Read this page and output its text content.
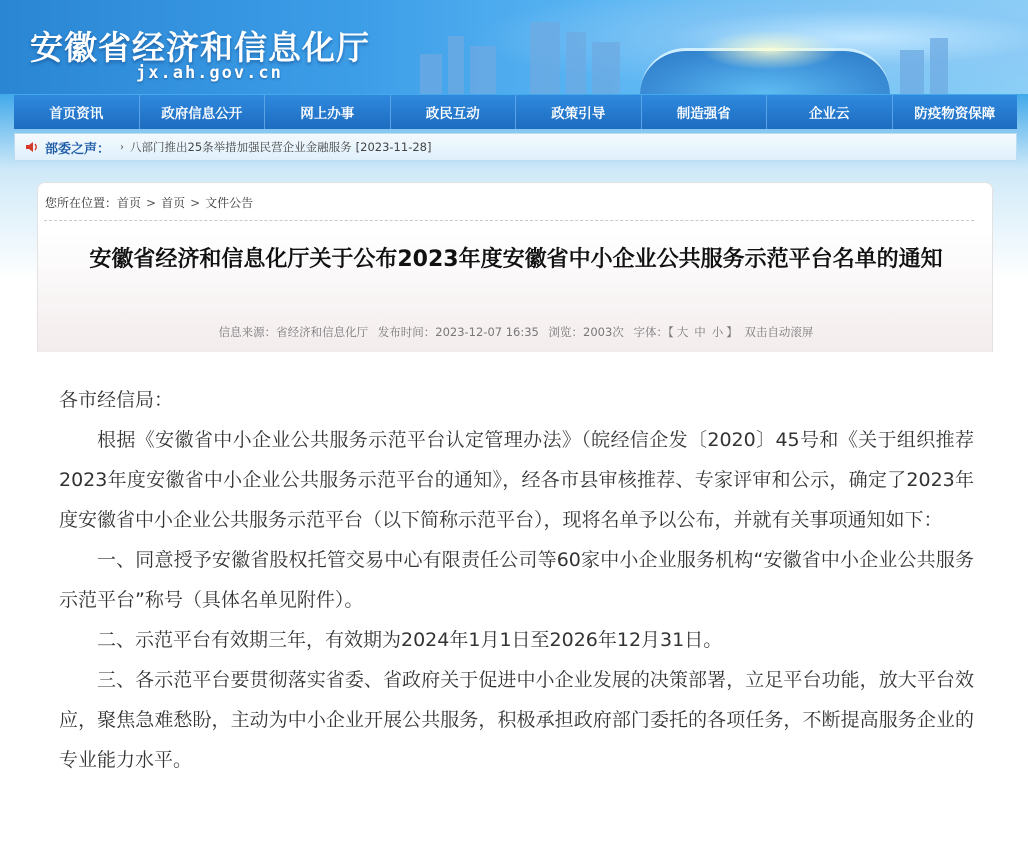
安徽省经济和信息化厅
jx.ah.gov.cn
首页资讯	政府信息公开	网上办事	政民互动	政策引导	制造强省	企业云	防疫物资保障
部委之声： › 八部门推出25条举措加强民营企业金融服务 [2023-11-28]
您所在位置：首页 > 首页 > 文件公告
安徽省经济和信息化厅关于公布2023年度安徽省中小企业公共服务示范平台名单的通知
信息来源：省经济和信息化厅 发布时间：2023-12-07 16:35 浏览：2003次 字体：【 大 中 小 】 双击自动滚屏

各市经信局：

根据《安徽省中小企业公共服务示范平台认定管理办法》（皖经信企发〔2020〕45号和《关于组织推荐2023年度安徽省中小企业公共服务示范平台的通知》，经各市县审核推荐、专家评审和公示，确定了2023年度安徽省中小企业公共服务示范平台（以下简称示范平台），现将名单予以公布，并就有关事项通知如下：

一、同意授予安徽省股权托管交易中心有限责任公司等60家中小企业服务机构“安徽省中小企业公共服务示范平台”称号（具体名单见附件）。

二、示范平台有效期三年，有效期为2024年1月1日至2026年12月31日。

三、各示范平台要贯彻落实省委、省政府关于促进中小企业发展的决策部署，立足平台功能，放大平台效应，聚焦急难愁盼，主动为中小企业开展公共服务，积极承担政府部门委托的各项任务，不断提高服务企业的专业能力水平。
